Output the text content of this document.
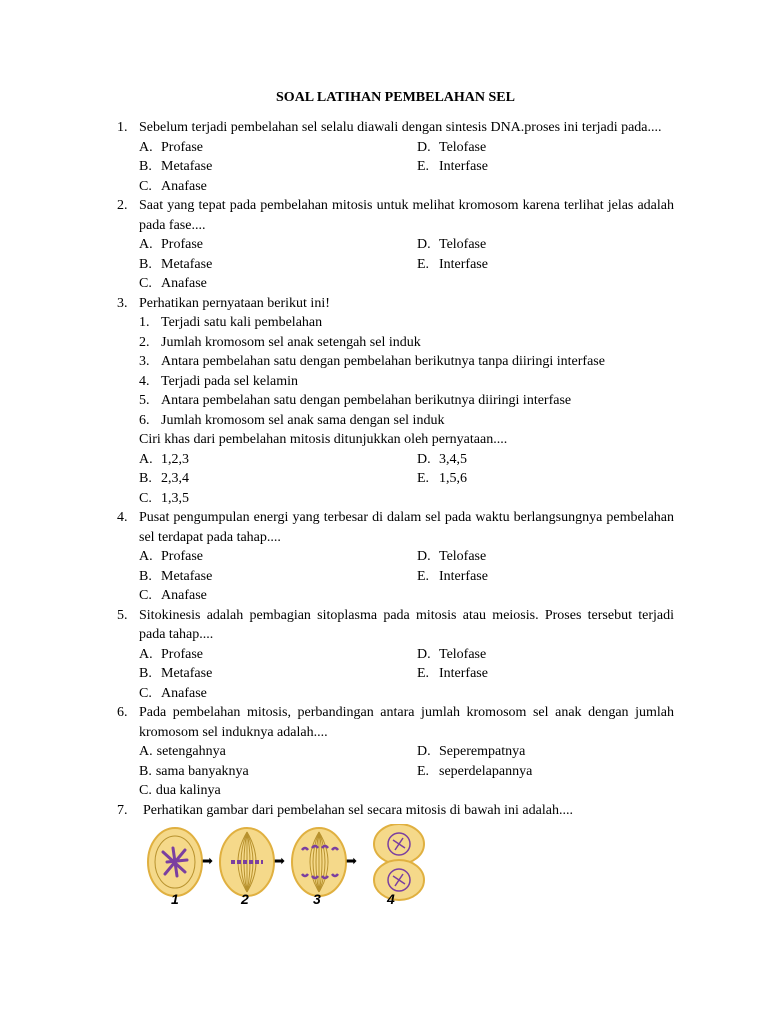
SOAL LATIHAN PEMBELAHAN SEL
1. Sebelum terjadi pembelahan sel selalu diawali dengan sintesis DNA.proses ini terjadi pada....
A. Profase	D. Telofase
B. Metafase	E. Interfase
C. Anafase
2. Saat yang tepat pada pembelahan mitosis untuk melihat kromosom karena terlihat jelas adalah pada fase....
A. Profase	D. Telofase
B. Metafase	E. Interfase
C. Anafase
3. Perhatikan pernyataan berikut ini!
1. Terjadi satu kali pembelahan
2. Jumlah kromosom sel anak setengah sel induk
3. Antara pembelahan satu dengan pembelahan berikutnya tanpa diiringi interfase
4. Terjadi pada sel kelamin
5. Antara pembelahan satu dengan pembelahan berikutnya diiringi interfase
6. Jumlah kromosom sel anak sama dengan sel induk
Ciri khas dari pembelahan mitosis ditunjukkan oleh pernyataan....
A. 1,2,3	D. 3,4,5
B. 2,3,4	E. 1,5,6
C. 1,3,5
4. Pusat pengumpulan energi yang terbesar di dalam sel pada waktu berlangsungnya pembelahan sel terdapat pada tahap....
A. Profase	D. Telofase
B. Metafase	E. Interfase
C. Anafase
5. Sitokinesis adalah pembagian sitoplasma pada mitosis atau meiosis. Proses tersebut terjadi pada tahap....
A. Profase	D. Telofase
B. Metafase	E. Interfase
C. Anafase
6. Pada pembelahan mitosis, perbandingan antara jumlah kromosom sel anak dengan jumlah kromosom sel induknya adalah....
A. setengahnya	D. Seperempatnya
B. sama banyaknya	E. seperdelapannya
C. dua kalinya
7. Perhatikan gambar dari pembelahan sel secara mitosis di bawah ini adalah....
➡	➡	➡
1	2	3	4
